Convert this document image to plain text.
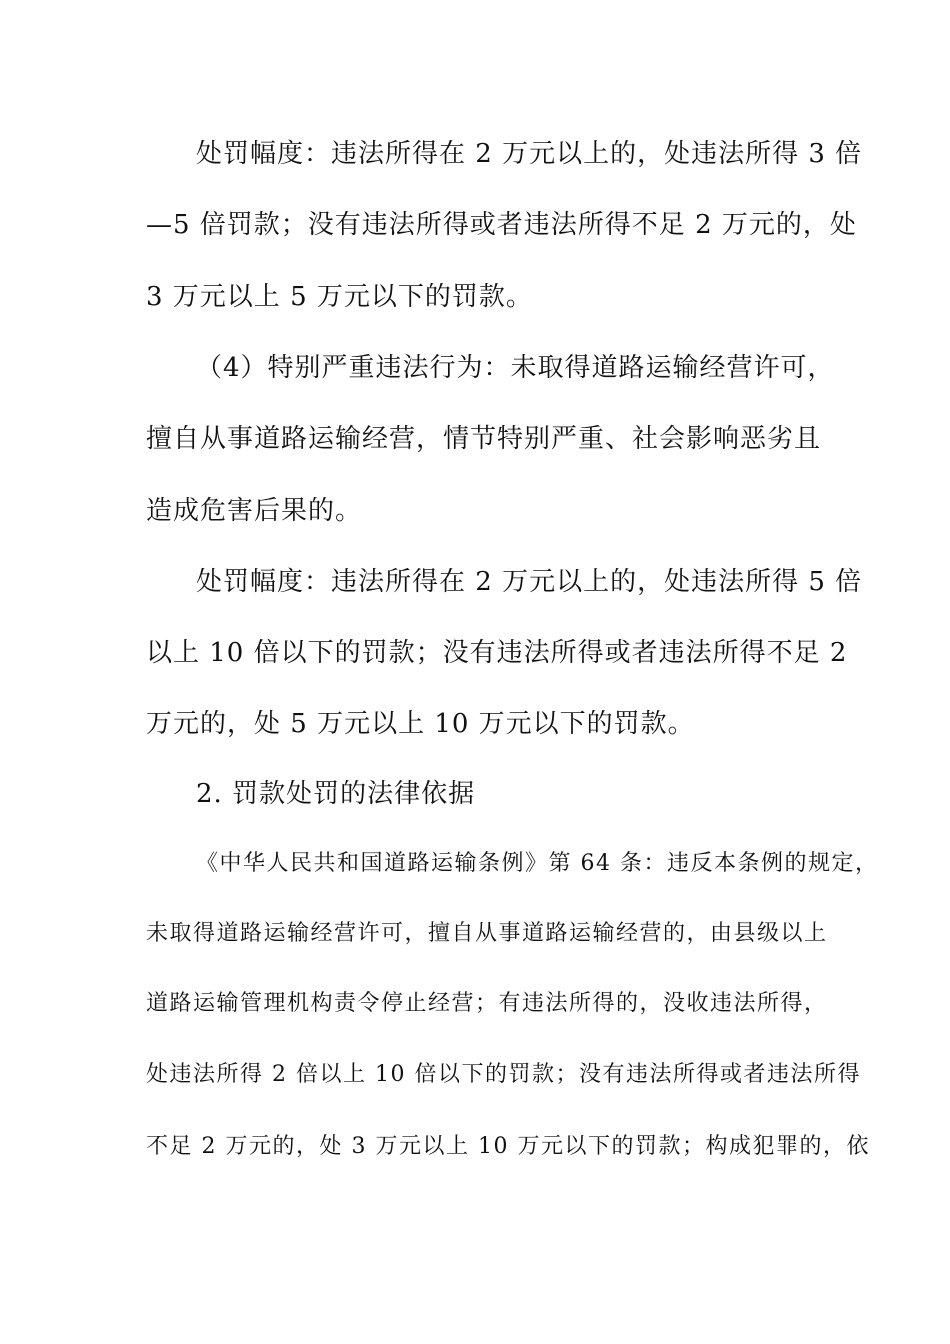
处罚幅度：违法所得在 2 万元以上的，处违法所得 3 倍
—5 倍罚款；没有违法所得或者违法所得不足 2 万元的，处
3 万元以上 5 万元以下的罚款。
（4）特别严重违法行为：未取得道路运输经营许可，
擅自从事道路运输经营，情节特别严重、社会影响恶劣且
造成危害后果的。
处罚幅度：违法所得在 2 万元以上的，处违法所得 5 倍
以上 10 倍以下的罚款；没有违法所得或者违法所得不足 2
万元的，处 5 万元以上 10 万元以下的罚款。
2. 罚款处罚的法律依据
《中华人民共和国道路运输条例》第 64 条：违反本条例的规定，
未取得道路运输经营许可，擅自从事道路运输经营的，由县级以上
道路运输管理机构责令停止经营；有违法所得的，没收违法所得，
处违法所得 2 倍以上 10 倍以下的罚款；没有违法所得或者违法所得
不足 2 万元的，处 3 万元以上 10 万元以下的罚款；构成犯罪的，依
